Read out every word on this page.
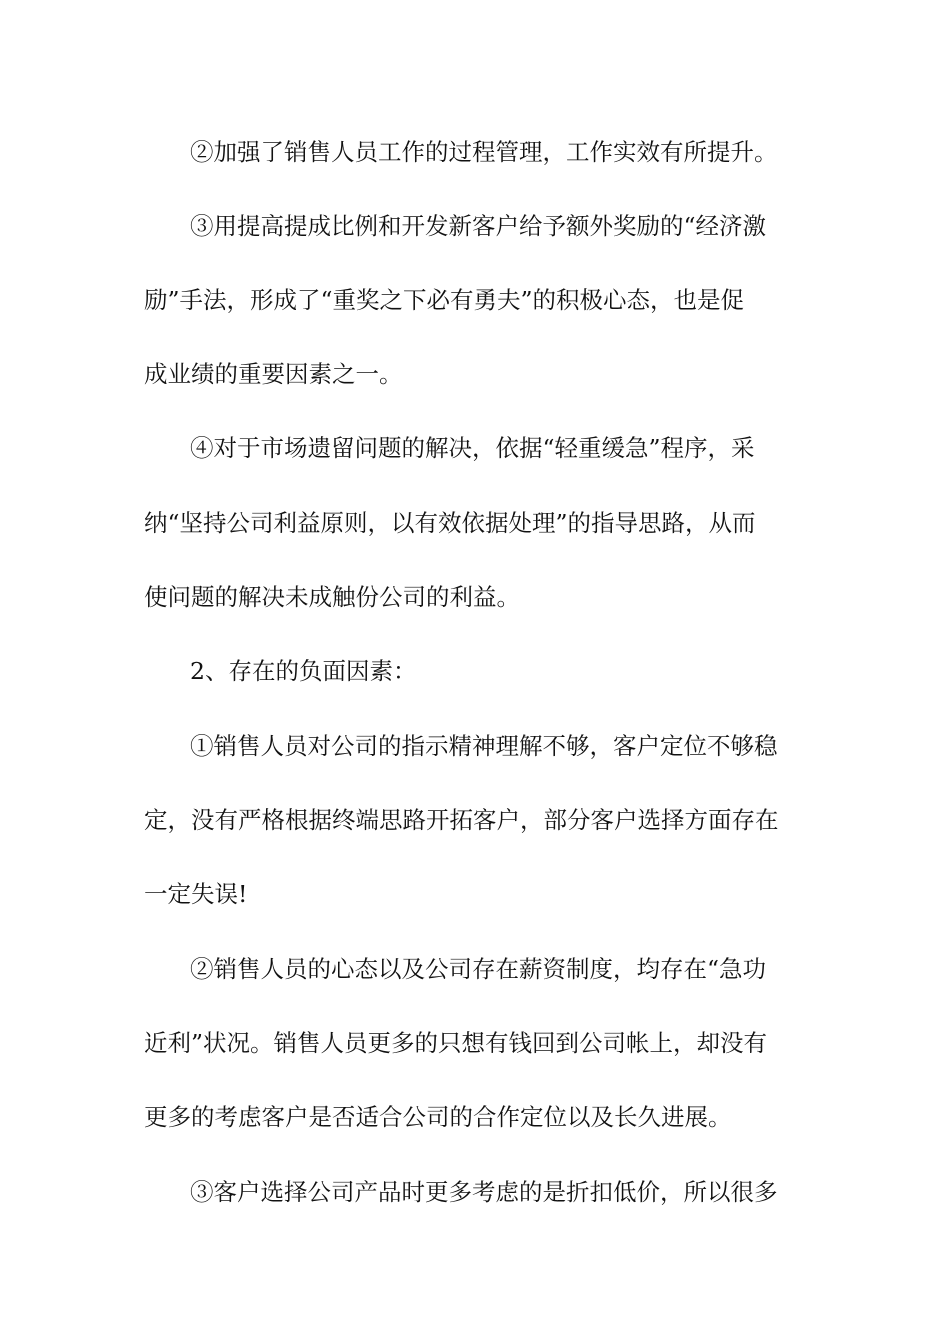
②加强了销售人员工作的过程管理，工作实效有所提升。
③用提高提成比例和开发新客户给予额外奖励的“经济激
励”手法，形成了“重奖之下必有勇夫”的积极心态，也是促
成业绩的重要因素之一。
④对于市场遗留问题的解决，依据“轻重缓急”程序，采
纳“坚持公司利益原则，以有效依据处理”的指导思路，从而
使问题的解决未成触份公司的利益。
2、存在的负面因素：
①销售人员对公司的指示精神理解不够，客户定位不够稳
定，没有严格根据终端思路开拓客户，部分客户选择方面存在
一定失误!
②销售人员的心态以及公司存在薪资制度，均存在“急功
近利”状况。销售人员更多的只想有钱回到公司帐上，却没有
更多的考虑客户是否适合公司的合作定位以及长久进展。
③客户选择公司产品时更多考虑的是折扣低价，所以很多
